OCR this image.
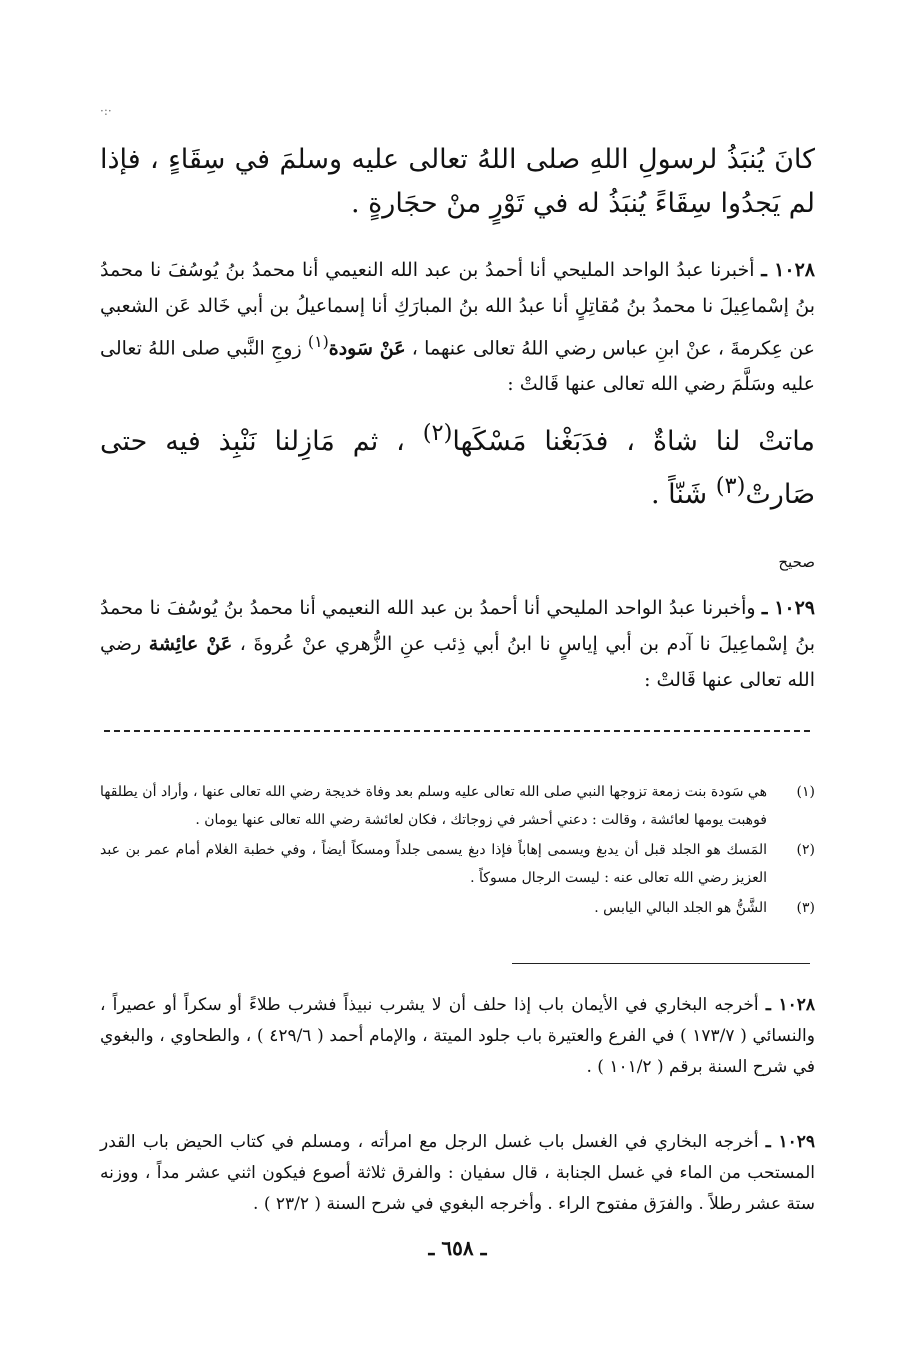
·:·

كانَ يُنبَذُ لرسولِ اللهِ صلى اللهُ تعالى عليه وسلمَ في سِقَاءٍ ، فإذا لم يَجدُوا سِقَاءً يُنبَذُ له في تَوْرٍ منْ حجَارةٍ .

١٠٢٨ ـ أخبرنا عبدُ الواحد المليحي أنا أحمدُ بن عبد الله النعيمي أنا محمدُ بنُ يُوسُفَ نا محمدُ بنُ إسْماعِيلَ نا محمدُ بنُ مُقاتِلٍ أنا عبدُ الله بنُ المبارَكِ أنا إسماعيلُ بن أبي خَالد عَن الشعبي عن عِكرمةَ ، عنْ ابنِ عباس رضي اللهُ تعالى عنهما ، عَنْ سَودة$^{(١)}$ زوجِ النَّبي صلى اللهُ تعالى عليه وسَلَّمَ رضي الله تعالى عنها قَالتْ :

ماتتْ لنا شاةٌ ، فدَبَغْنا مَسْكَها$^{(٢)}$ ، ثم مَازِلنا نَنْبِذ فيه حتى صَارتْ$^{(٣)}$ شَنّاً .

صحيح

١٠٢٩ ـ وأخبرنا عبدُ الواحد المليحي أنا أحمدُ بن عبد الله النعيمي أنا محمدُ بنُ يُوسُفَ نا محمدُ بنُ إسْماعِيلَ نا آدم بن أبي إياسٍ نا ابنُ أبي ذِئب عنِ الزُّهري عنْ عُروةَ ، عَنْ عائِشة رضي الله تعالى عنها قَالتْ :

(١)
هي سَودة بنت زمعة تزوجها النبي صلى الله تعالى عليه وسلم بعد وفاة خديجة رضي الله تعالى عنها ، وأراد أن يطلقها فوهبت يومها لعائشة ، وقالت : دعني أحشر في زوجاتك ، فكان لعائشة رضي الله تعالى عنها يومان .
(٢)
المَسك هو الجلد قبل أن يدبغ ويسمى إهاباً فإذا دبغ يسمى جلداً ومسكاً أيضاً ، وفي خطبة الغلام أمام عمر بن عبد العزيز رضي الله تعالى عنه : ليست الرجال مسوكاً .
(٣)
الشَّنُّ هو الجلد البالي اليابس .

١٠٢٨ ـ أخرجه البخاري في الأيمان باب إذا حلف أن لا يشرب نبيذاً فشرب طلاءً أو سكراً أو عصيراً ، والنسائي ( ١٧٣/٧ ) في الفرع والعتيرة باب جلود الميتة ، والإمام أحمد ( ٤٢٩/٦ ) ، والطحاوي ، والبغوي في شرح السنة برقم ( ١٠١/٢ ) .

١٠٢٩ ـ أخرجه البخاري في الغسل باب غسل الرجل مع امرأته ، ومسلم في كتاب الحيض باب القدر المستحب من الماء في غسل الجنابة ، قال سفيان : والفرق ثلاثة أصوع فيكون اثني عشر مداً ، ووزنه ستة عشر رطلاً . والفرَق مفتوح الراء . وأخرجه البغوي في شرح السنة ( ٢٣/٢ ) .

ـ ٦٥٨ ـ
